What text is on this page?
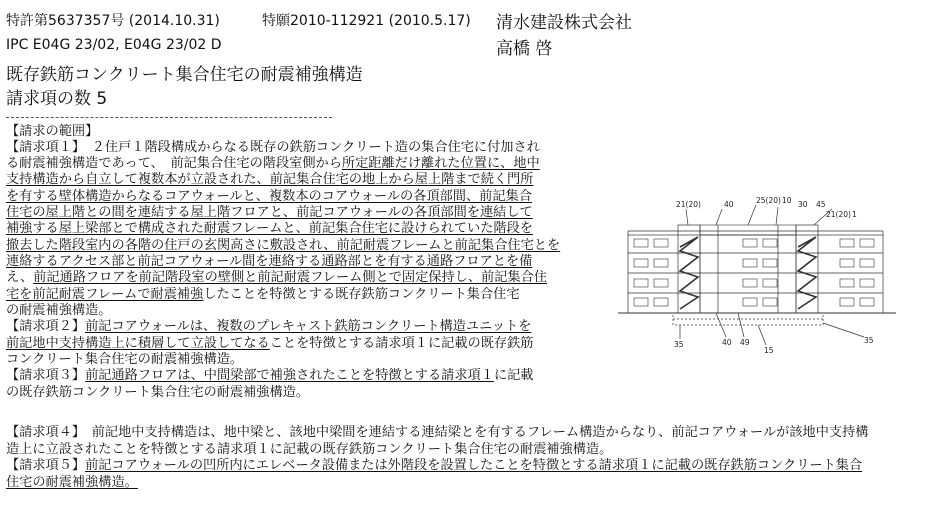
特許第5637357号 (2014.10.31)	特願2010-112921 (2010.5.17) 清水建設株式会社
IPC E04G 23/02, E04G 23/02 D	高橋 啓
既存鉄筋コンクリート集合住宅の耐震補強構造
請求項の数 5
【請求の範囲】
【請求項１】　２住戸１階段構成からなる既存の鉄筋コンクリート造の集合住宅に付加され
る耐震補強構造であって、　前記集合住宅の階段室側から所定距離だけ離れた位置に、地中
支持構造から自立して複数本が立設された、前記集合住宅の地上から屋上階まで続く門所
を有する壁体構造からなるコアウォールと、複数本のコアウォールの各頂部間、前記集合
住宅の屋上階との間を連結する屋上階フロアと、前記コアウォールの各頂部間を連結して
補強する屋上梁部とで構成された耐震フレームと、前記集合住宅に設けられていた階段を
撤去した階段室内の各階の住戸の玄関高さに敷設され、前記耐震フレームと前記集合住宅とを
連絡するアクセス部と前記コアウォール間を連絡する通路部とを有する通路フロアとを備
え、前記通路フロアを前記階段室の壁側と前記耐震フレーム側とで固定保持し、前記集合住
宅を前記耐震フレームで耐震補強したことを特徴とする既存鉄筋コンクリート集合住宅
の耐震補強構造。
【請求項２】前記コアウォールは、複数のプレキャスト鉄筋コンクリート構造ユニットを
前記地中支持構造上に積層して立設してなることを特徴とする請求項１に記載の既存鉄筋
コンクリート集合住宅の耐震補強構造。
【請求項３】前記通路フロアは、中間梁部で補強されたことを特徴とする請求項１に記載
の既存鉄筋コンクリート集合住宅の耐震補強構造。
【請求項４】　前記地中支持構造は、地中梁と、該地中梁間を連結する連結梁とを有するフレーム構造からなり、前記コアウォールが該地中支持構
造上に立設されたことを特徴とする請求項１に記載の既存鉄筋コンクリート集合住宅の耐震補強構造。
【請求項５】前記コアウォールの凹所内にエレベータ設備または外階段を設置したことを特徴とする請求項１に記載の既存鉄筋コンクリート集合
住宅の耐震補強構造。
21(20)	40	25(20) 10 30 45
21(20) 1
35	40 49
15
35
